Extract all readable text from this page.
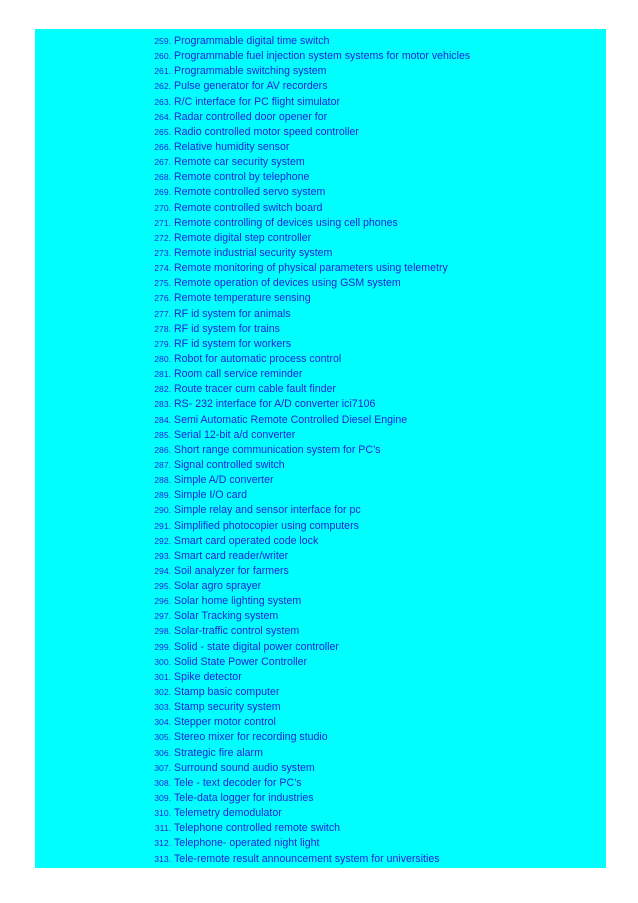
259. Programmable digital time switch
260. Programmable fuel injection system systems for motor vehicles
261. Programmable switching system
262. Pulse generator for AV recorders
263. R/C interface for PC flight simulator
264. Radar controlled door opener for
265. Radio controlled motor speed controller
266. Relative humidity sensor
267. Remote car security system
268. Remote control by telephone
269. Remote controlled servo system
270. Remote controlled switch board
271. Remote controlling of devices using cell phones
272. Remote digital step controller
273. Remote industrial security system
274. Remote monitoring of physical parameters using telemetry
275. Remote operation of devices using GSM system
276. Remote temperature sensing
277. RF id system for animals
278. RF id system for trains
279. RF id system for workers
280. Robot for automatic process control
281. Room call service reminder
282. Route tracer cum cable fault finder
283. RS- 232 interface for A/D converter ici7106
284. Semi Automatic Remote Controlled Diesel Engine
285. Serial 12-bit a/d converter
286. Short range communication system for PC’s
287. Signal controlled switch
288. Simple A/D converter
289. Simple I/O card
290. Simple relay and sensor interface for pc
291. Simplified photocopier using computers
292. Smart card operated code lock
293. Smart card reader/writer
294. Soil analyzer for farmers
295. Solar agro sprayer
296. Solar home lighting system
297. Solar Tracking system
298. Solar-traffic control system
299. Solid - state digital power controller
300. Solid State Power Controller
301. Spike detector
302. Stamp basic computer
303. Stamp security system
304. Stepper motor control
305. Stereo mixer for recording studio
306. Strategic fire alarm
307. Surround sound audio system
308. Tele - text decoder for PC’s
309. Tele-data logger for industries
310. Telemetry demodulator
311. Telephone controlled remote switch
312. Telephone- operated night light
313. Tele-remote result announcement system for universities
